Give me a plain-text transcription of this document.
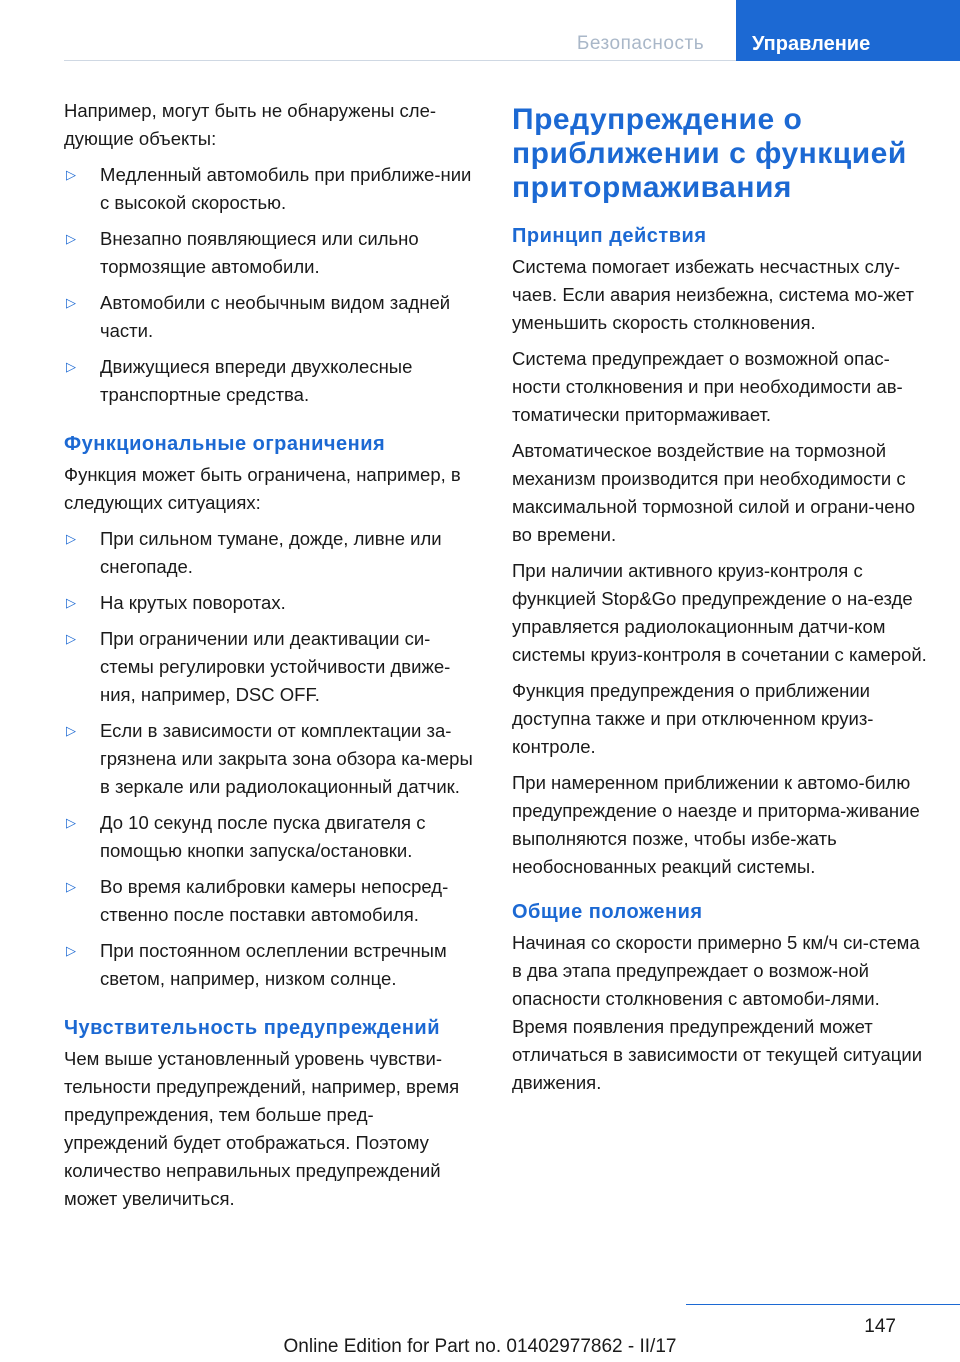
Безопасность	Управление

Например, могут быть не обнаружены сле‐дующие объекты:

▷ Медленный автомобиль при приближе‐нии с высокой скоростью.
▷ Внезапно появляющиеся или сильно тормозящие автомобили.
▷ Автомобили с необычным видом задней части.
▷ Движущиеся впереди двухколесные транспортные средства.
Функциональные ограничения

Функция может быть ограничена, например, в следующих ситуациях:

▷ При сильном тумане, дожде, ливне или снегопаде.
▷ На крутых поворотах.
▷ При ограничении или деактивации си‐стемы регулировки устойчивости движе‐ния, например, DSC OFF.
▷ Если в зависимости от комплектации за‐грязнена или закрыта зона обзора ка‐меры в зеркале или радиолокационный датчик.
▷ До 10 секунд после пуска двигателя с помощью кнопки запуска/остановки.
▷ Во время калибровки камеры непосред‐ственно после поставки автомобиля.
▷ При постоянном ослеплении встречным светом, например, низком солнце.
Чувствительность предупреждений

Чем выше установленный уровень чувстви‐тельности предупреждений, например, время предупреждения, тем больше пред‐упреждений будет отображаться. Поэтому количество неправильных предупреждений может увеличиться.

Предупреждение о приближении с функцией притормаживания
Принцип действия

Система помогает избежать несчастных слу‐чаев. Если авария неизбежна, система мо‐жет уменьшить скорость столкновения.

Система предупреждает о возможной опас‐ности столкновения и при необходимости ав‐томатически притормаживает.

Автоматическое воздействие на тормозной механизм производится при необходимости с максимальной тормозной силой и ограни‐чено во времени.

При наличии активного круиз-контроля с функцией Stop&Go предупреждение о на‐езде управляется радиолокационным датчи‐ком системы круиз-контроля в сочетании с камерой.

Функция предупреждения о приближении доступна также и при отключенном круиз-контроле.

При намеренном приближении к автомо‐билю предупреждение о наезде и притормa‐живание выполняются позже, чтобы избе‐жать необоснованных реакций системы.

Общие положения

Начиная со скорости примерно 5 км/ч си‐стема в два этапа предупреждает о возмож‐ной опасности столкновения с автомоби‐лями. Время появления предупреждений может отличаться в зависимости от текущей ситуации движения.

147
Online Edition for Part no. 01402977862 - II/17
